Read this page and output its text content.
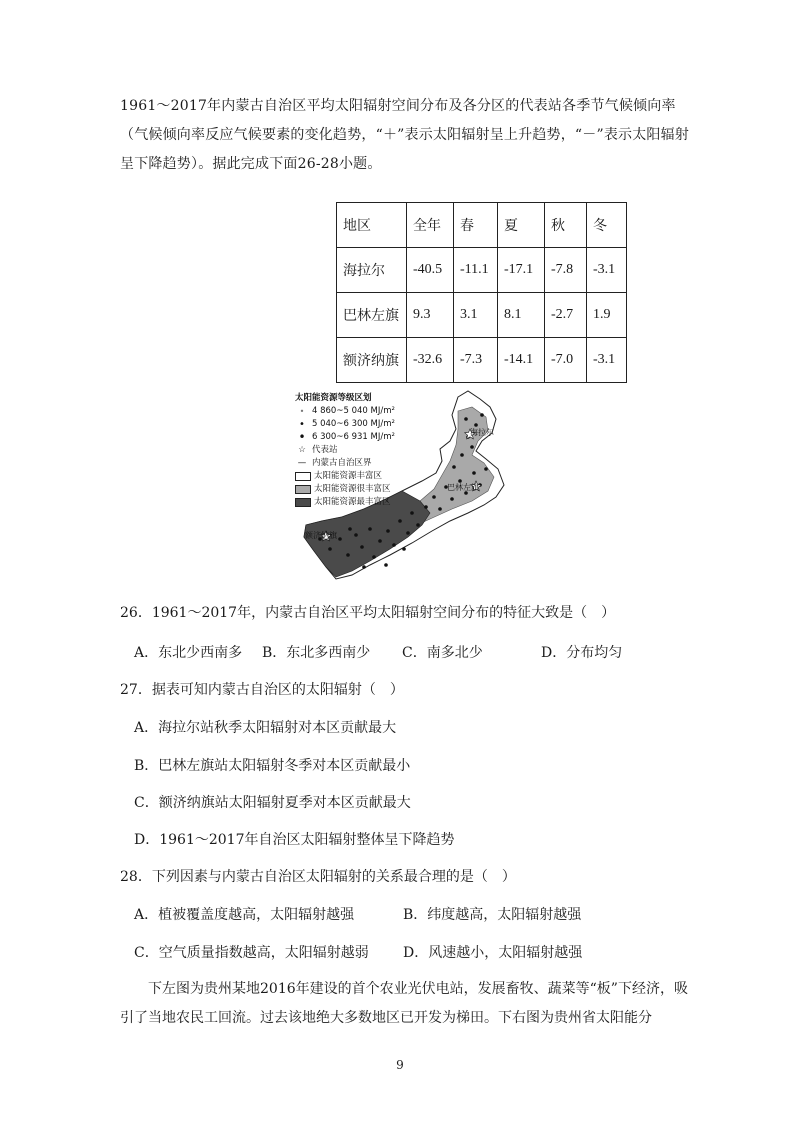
1961～2017年内蒙古自治区平均太阳辐射空间分布及各分区的代表站各季节气候倾向率（气候倾向率反应气候要素的变化趋势，“＋”表示太阳辐射呈上升趋势，“－”表示太阳辐射呈下降趋势）。据此完成下面26-28小题。

地区	全年	春	夏	秋	冬
海拉尔	-40.5	-11.1	-17.1	-7.8	-3.1
巴林左旗	9.3	3.1	8.1	-2.7	1.9
额济纳旗	-32.6	-7.3	-14.1	-7.0	-3.1
海拉尔
巴林左旗
额济纳旗
太阳能资源等级区划
• 4 860~5 040 MJ/m²
• 5 040~6 300 MJ/m²
• 6 300~6 931 MJ/m²
☆ 代表站
— 内蒙古自治区界
太阳能资源丰富区
太阳能资源很丰富区
太阳能资源最丰富区
26．1961～2017年，内蒙古自治区平均太阳辐射空间分布的特征大致是（　）
A．东北少西南多 B．东北多西南少 C．南多北少	D．分布均匀
27．据表可知内蒙古自治区的太阳辐射（　）
A．海拉尔站秋季太阳辐射对本区贡献最大
B．巴林左旗站太阳辐射冬季对本区贡献最小
C．额济纳旗站太阳辐射夏季对本区贡献最大
D．1961～2017年自治区太阳辐射整体呈下降趋势
28．下列因素与内蒙古自治区太阳辐射的关系最合理的是（　）
A．植被覆盖度越高，太阳辐射越强	B．纬度越高，太阳辐射越强
C．空气质量指数越高，太阳辐射越弱 D．风速越小，太阳辐射越强

下左图为贵州某地2016年建设的首个农业光伏电站，发展畜牧、蔬菜等“板”下经济，吸引了当地农民工回流。过去该地绝大多数地区已开发为梯田。下右图为贵州省太阳能分

9
